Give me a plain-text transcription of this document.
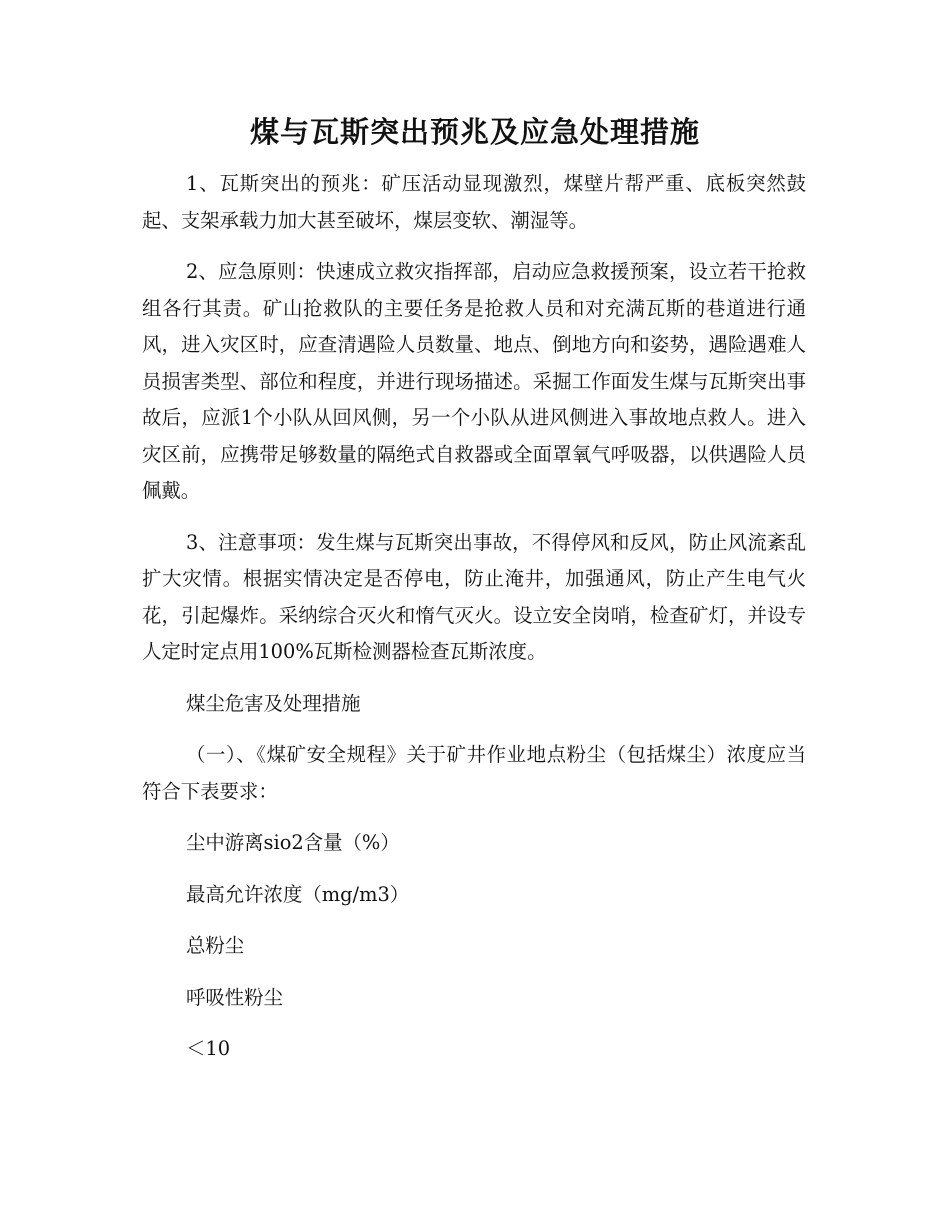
煤与瓦斯突出预兆及应急处理措施

1、瓦斯突出的预兆：矿压活动显现激烈，煤壁片帮严重、底板突然鼓起、支架承载力加大甚至破坏，煤层变软、潮湿等。

2、应急原则：快速成立救灾指挥部，启动应急救援预案，设立若干抢救组各行其责。矿山抢救队的主要任务是抢救人员和对充满瓦斯的巷道进行通风，进入灾区时，应查清遇险人员数量、地点、倒地方向和姿势，遇险遇难人员损害类型、部位和程度，并进行现场描述。采掘工作面发生煤与瓦斯突出事故后，应派1个小队从回风侧，另一个小队从进风侧进入事故地点救人。进入灾区前，应携带足够数量的隔绝式自救器或全面罩氧气呼吸器，以供遇险人员佩戴。

3、注意事项：发生煤与瓦斯突出事故，不得停风和反风，防止风流紊乱扩大灾情。根据实情决定是否停电，防止淹井，加强通风，防止产生电气火花，引起爆炸。采纳综合灭火和惰气灭火。设立安全岗哨，检查矿灯，并设专人定时定点用100%瓦斯检测器检查瓦斯浓度。

煤尘危害及处理措施

（一）、《煤矿安全规程》关于矿井作业地点粉尘（包括煤尘）浓度应当符合下表要求：

尘中游离sio2含量（%）

最高允许浓度（mg/m3）

总粉尘

呼吸性粉尘

＜10
